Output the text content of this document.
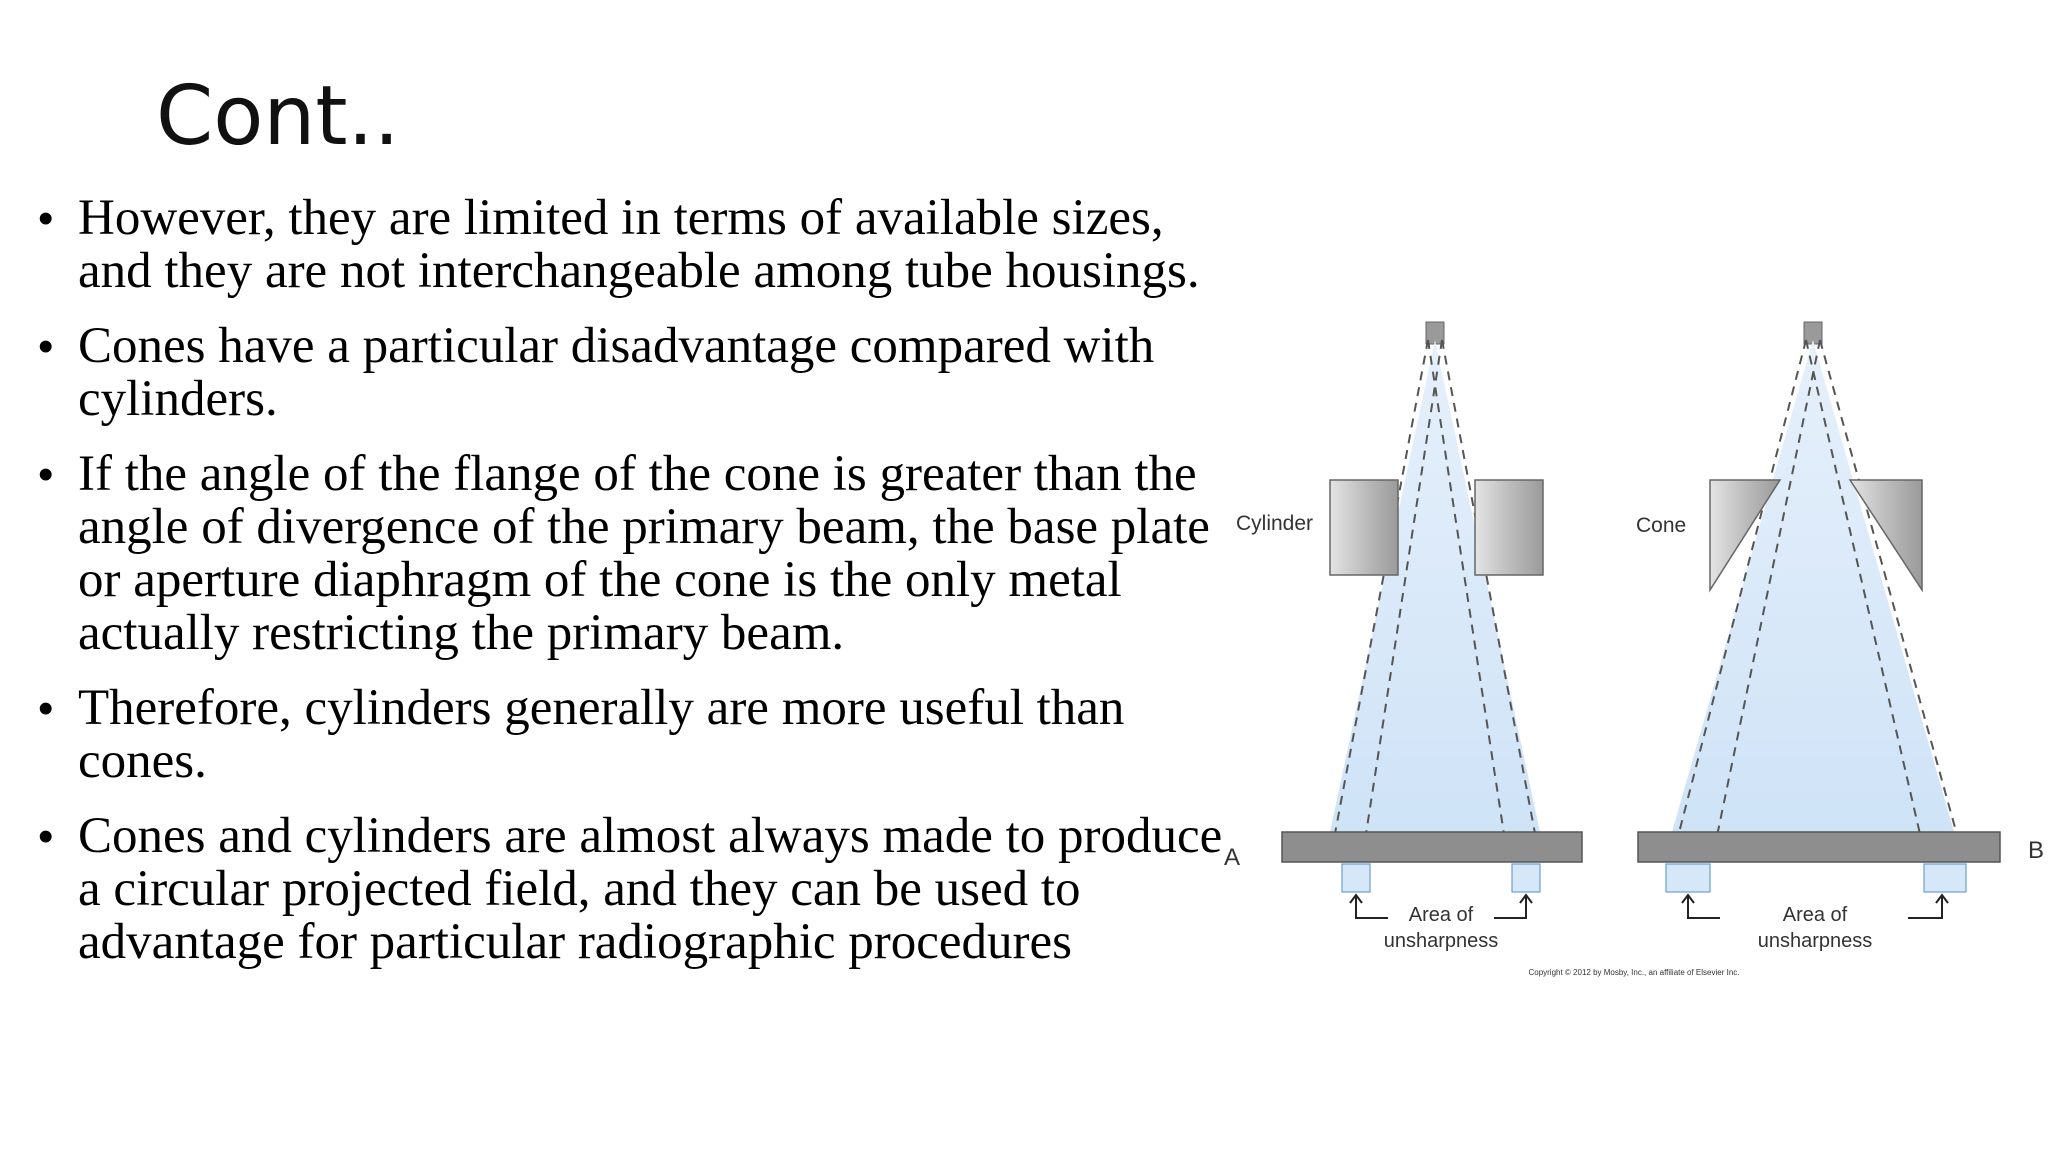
Cont..
• However, they are limited in terms of available sizes, and they are not interchangeable among tube housings.
• Cones have a particular disadvantage compared with cylinders.
• If the angle of the flange of the cone is greater than the angle of divergence of the primary beam, the base plate or aperture diaphragm of the cone is the only metal actually restricting the primary beam.
• Therefore, cylinders generally are more useful than cones.
• Cones and cylinders are almost always made to produce a circular projected field, and they can be used to advantage for particular radiographic procedures
Cylinder	Cone
A	B
Area of
unsharpness
Area of
unsharpness
Copyright © 2012 by Mosby, Inc., an affiliate of Elsevier Inc.
